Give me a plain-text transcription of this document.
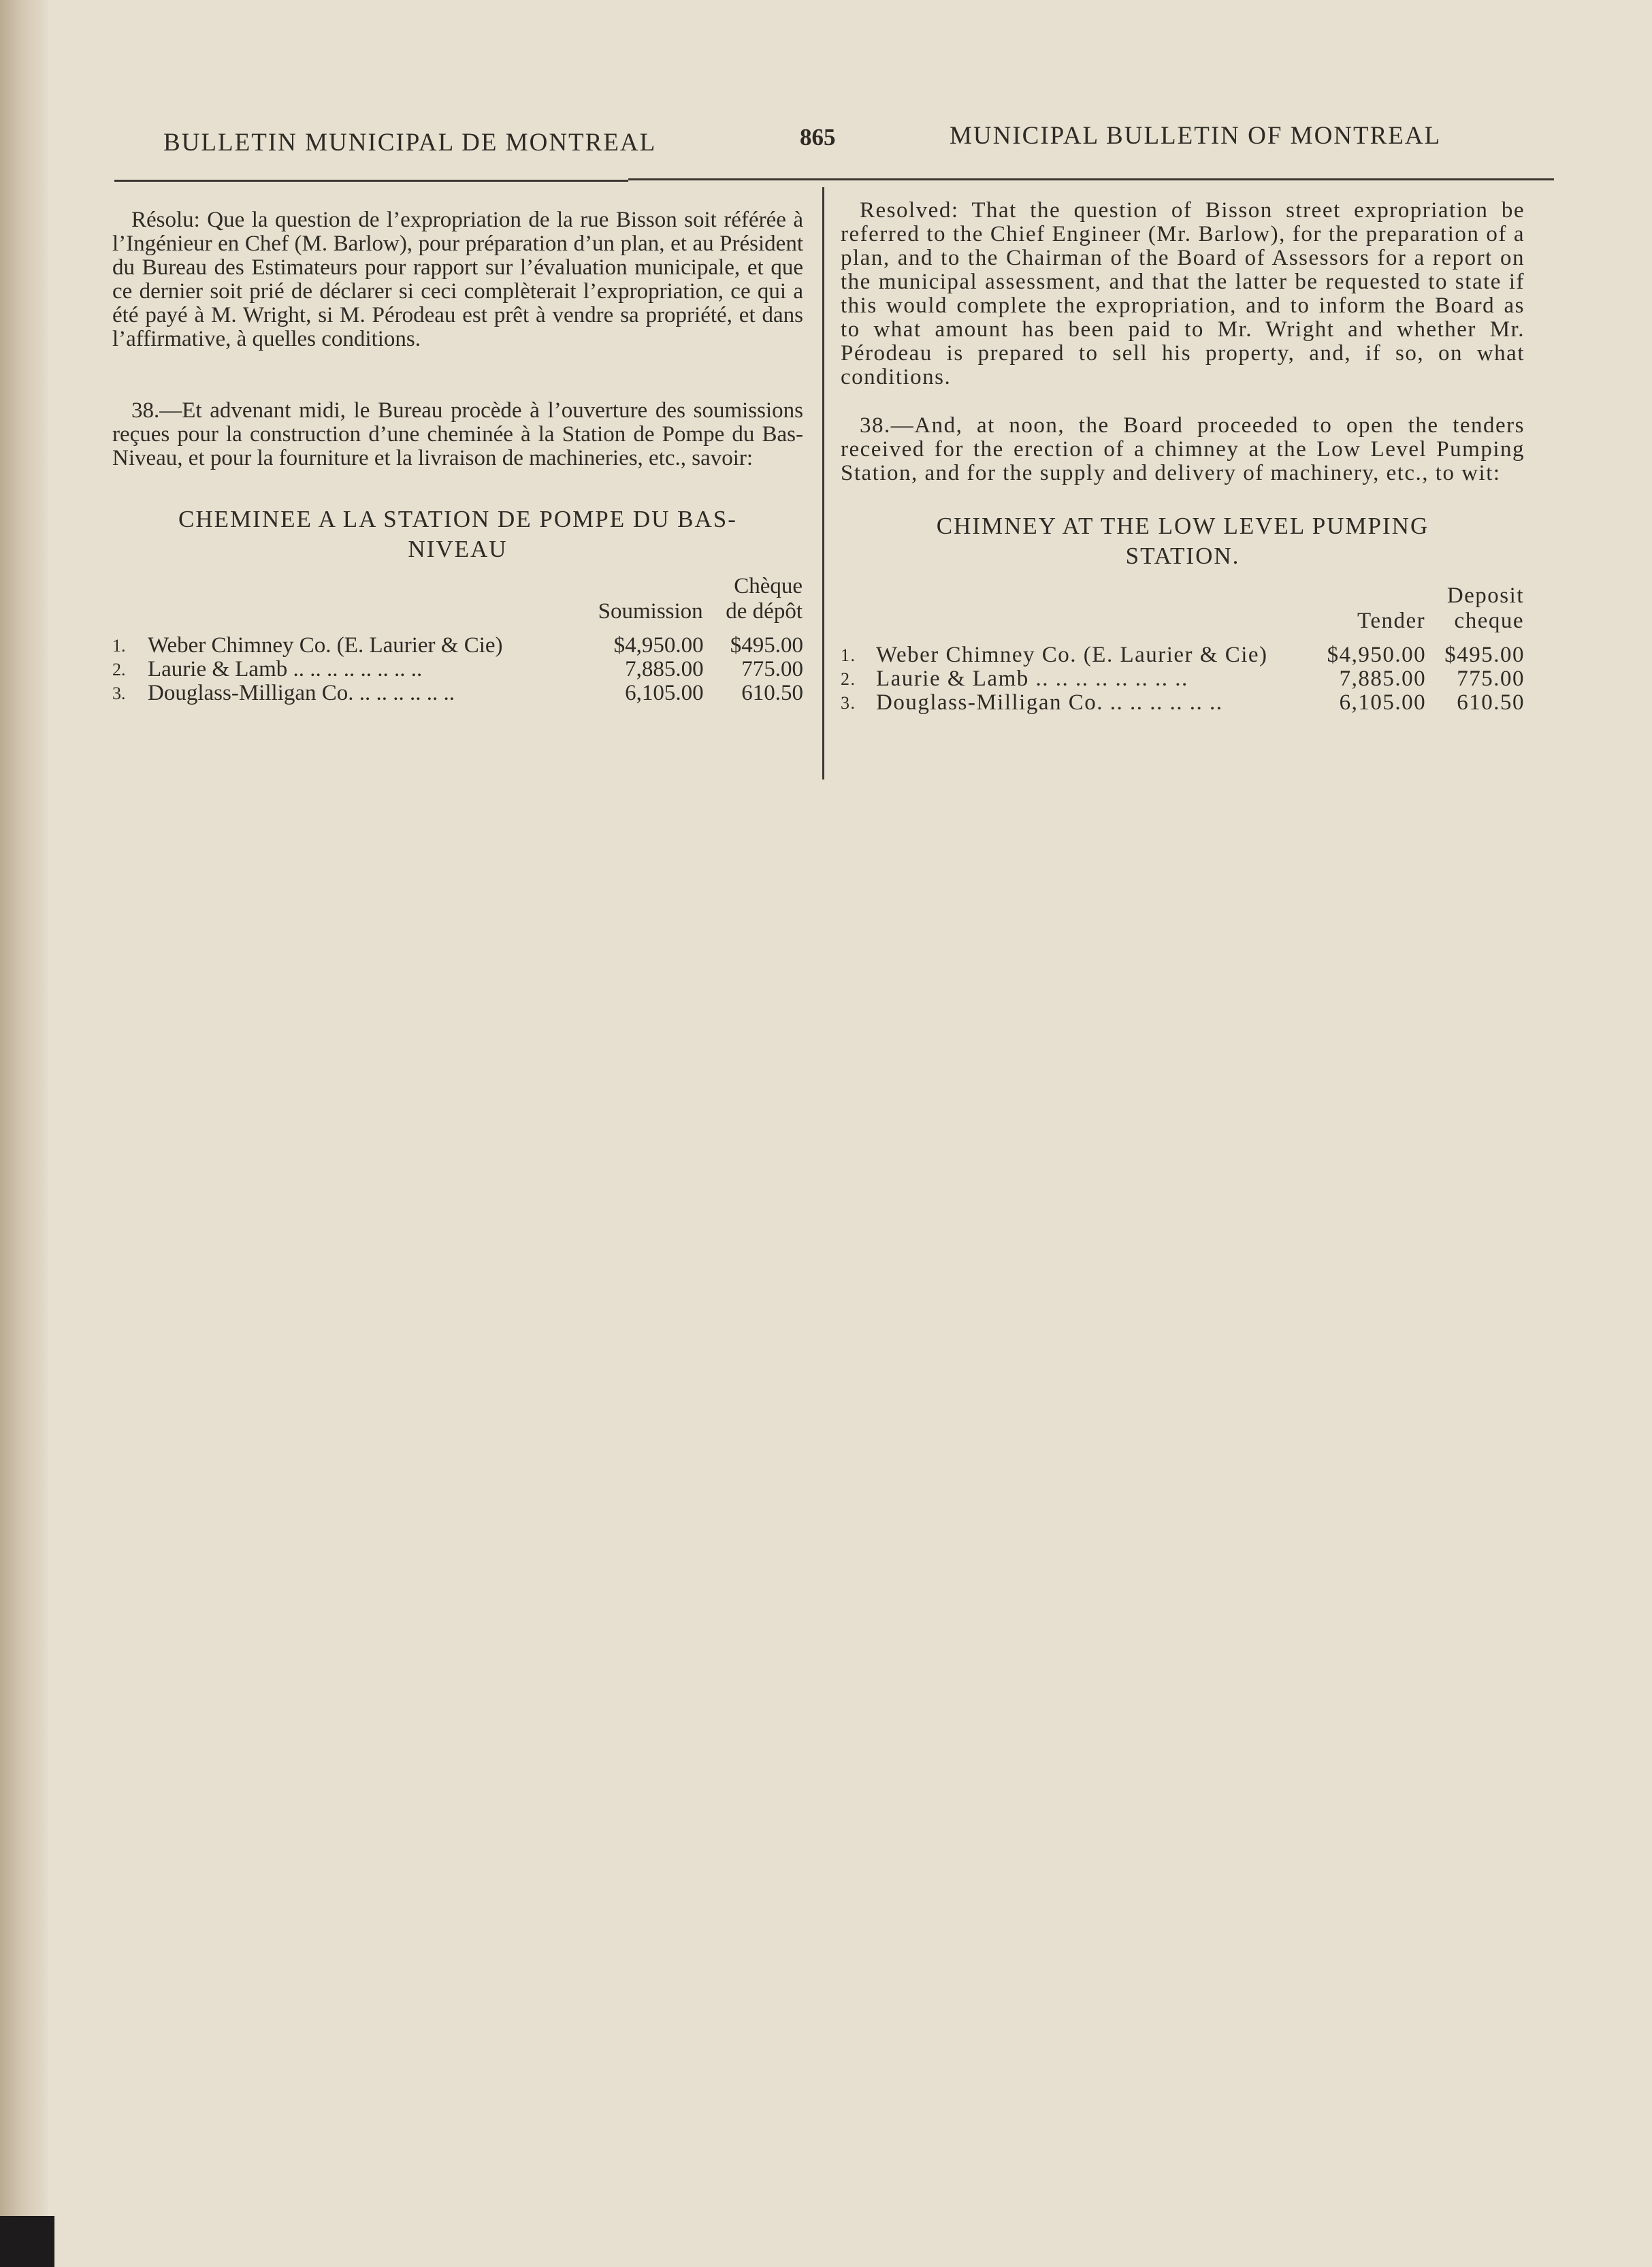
BULLETIN MUNICIPAL DE MONTREAL	865	MUNICIPAL BULLETIN OF MONTREAL

Résolu: Que la question de l’expropriation de la rue Bisson soit référée à l’Ingénieur en Chef (M. Barlow), pour préparation d’un plan, et au Président du Bureau des Estimateurs pour rapport sur l’évaluation municipale, et que ce dernier soit prié de déclarer si ceci complèterait l’expropriation, ce qui a été payé à M. Wright, si M. Pérodeau est prêt à vendre sa propriété, et dans l’affirmative, à quelles conditions.

38.—Et advenant midi, le Bureau procède à l’ouverture des soumissions reçues pour la construction d’une cheminée à la Station de Pompe du Bas-Niveau, et pour la fourniture et la livraison de machineries, etc., savoir:

CHEMINEE A LA STATION DE POMPE DU BAS-
NIVEAU
			Chèque
		Soumission	de dépôt

1.	Weber Chimney Co. (E. Laurier & Cie)	$4,950.00	$495.00
2.	Laurie & Lamb .. .. .. .. .. .. .. ..	7,885.00	775.00
3.	Douglass-Milligan Co. .. .. .. .. .. ..	6,105.00	610.50

Resolved: That the question of Bisson street expropriation be referred to the Chief Engineer (Mr. Barlow), for the preparation of a plan, and to the Chairman of the Board of Assessors for a report on the municipal assessment, and that the latter be requested to state if this would complete the expropriation, and to inform the Board as to what amount has been paid to Mr. Wright and whether Mr. Pérodeau is prepared to sell his property, and, if so, on what conditions.

38.—And, at noon, the Board proceeded to open the tenders received for the erection of a chimney at the Low Level Pumping Station, and for the supply and delivery of machinery, etc., to wit:

CHIMNEY AT THE LOW LEVEL PUMPING
STATION.
			Deposit
		Tender	cheque

1.	Weber Chimney Co. (E. Laurier & Cie)	$4,950.00	$495.00
2.	Laurie & Lamb .. .. .. .. .. .. .. ..	7,885.00	775.00
3.	Douglass-Milligan Co. .. .. .. .. .. ..	6,105.00	610.50
